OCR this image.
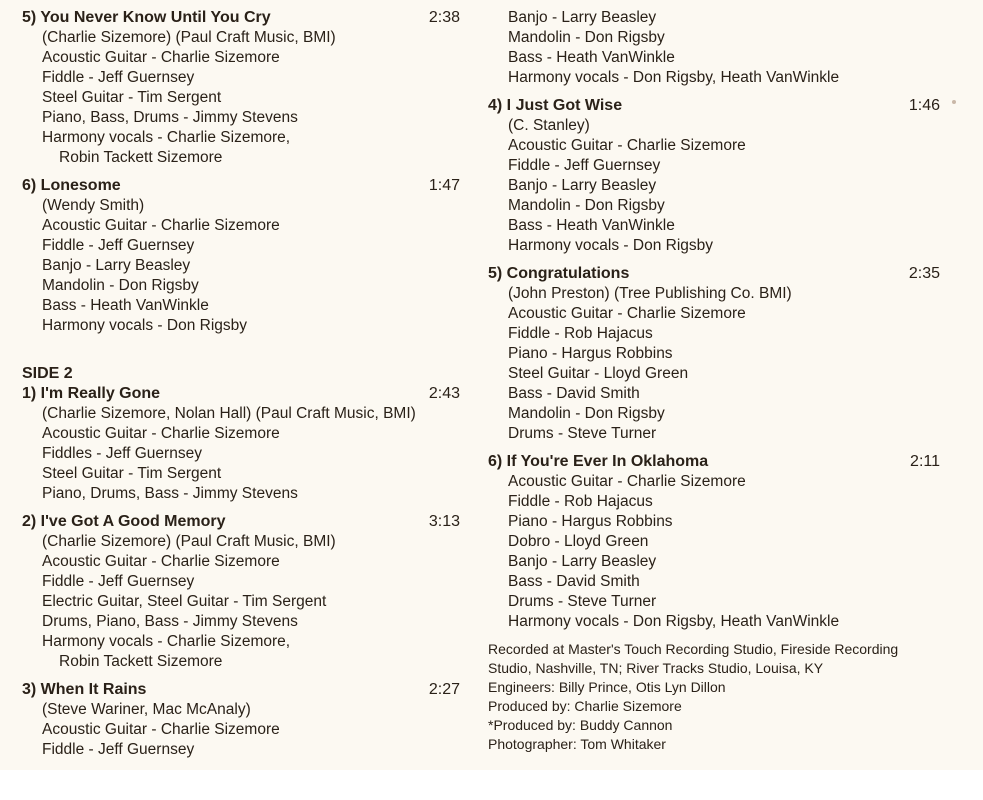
5) You Never Know Until You Cry	2:38
(Charlie Sizemore) (Paul Craft Music, BMI)
Acoustic Guitar - Charlie Sizemore
Fiddle - Jeff Guernsey
Steel Guitar - Tim Sergent
Piano, Bass, Drums - Jimmy Stevens
Harmony vocals - Charlie Sizemore,
Robin Tackett Sizemore
6) Lonesome	1:47
(Wendy Smith)
Acoustic Guitar - Charlie Sizemore
Fiddle - Jeff Guernsey
Banjo - Larry Beasley
Mandolin - Don Rigsby
Bass - Heath VanWinkle
Harmony vocals - Don Rigsby
SIDE 2
1) I'm Really Gone	2:43
(Charlie Sizemore, Nolan Hall) (Paul Craft Music, BMI)
Acoustic Guitar - Charlie Sizemore
Fiddles - Jeff Guernsey
Steel Guitar - Tim Sergent
Piano, Drums, Bass - Jimmy Stevens
2) I've Got A Good Memory	3:13
(Charlie Sizemore) (Paul Craft Music, BMI)
Acoustic Guitar - Charlie Sizemore
Fiddle - Jeff Guernsey
Electric Guitar, Steel Guitar - Tim Sergent
Drums, Piano, Bass - Jimmy Stevens
Harmony vocals - Charlie Sizemore,
Robin Tackett Sizemore
3) When It Rains	2:27
(Steve Wariner, Mac McAnaly)
Acoustic Guitar - Charlie Sizemore
Fiddle - Jeff Guernsey
Banjo - Larry Beasley
Mandolin - Don Rigsby
Bass - Heath VanWinkle
Harmony vocals - Don Rigsby, Heath VanWinkle
4) I Just Got Wise	1:46
(C. Stanley)
Acoustic Guitar - Charlie Sizemore
Fiddle - Jeff Guernsey
Banjo - Larry Beasley
Mandolin - Don Rigsby
Bass - Heath VanWinkle
Harmony vocals - Don Rigsby
5) Congratulations	2:35
(John Preston) (Tree Publishing Co. BMI)
Acoustic Guitar - Charlie Sizemore
Fiddle - Rob Hajacus
Piano - Hargus Robbins
Steel Guitar - Lloyd Green
Bass - David Smith
Mandolin - Don Rigsby
Drums - Steve Turner
6) If You're Ever In Oklahoma	2:11
Acoustic Guitar - Charlie Sizemore
Fiddle - Rob Hajacus
Piano - Hargus Robbins
Dobro - Lloyd Green
Banjo - Larry Beasley
Bass - David Smith
Drums - Steve Turner
Harmony vocals - Don Rigsby, Heath VanWinkle
Recorded at Master's Touch Recording Studio, Fireside Recording
Studio, Nashville, TN; River Tracks Studio, Louisa, KY
Engineers: Billy Prince, Otis Lyn Dillon
Produced by: Charlie Sizemore
*Produced by: Buddy Cannon
Photographer: Tom Whitaker
